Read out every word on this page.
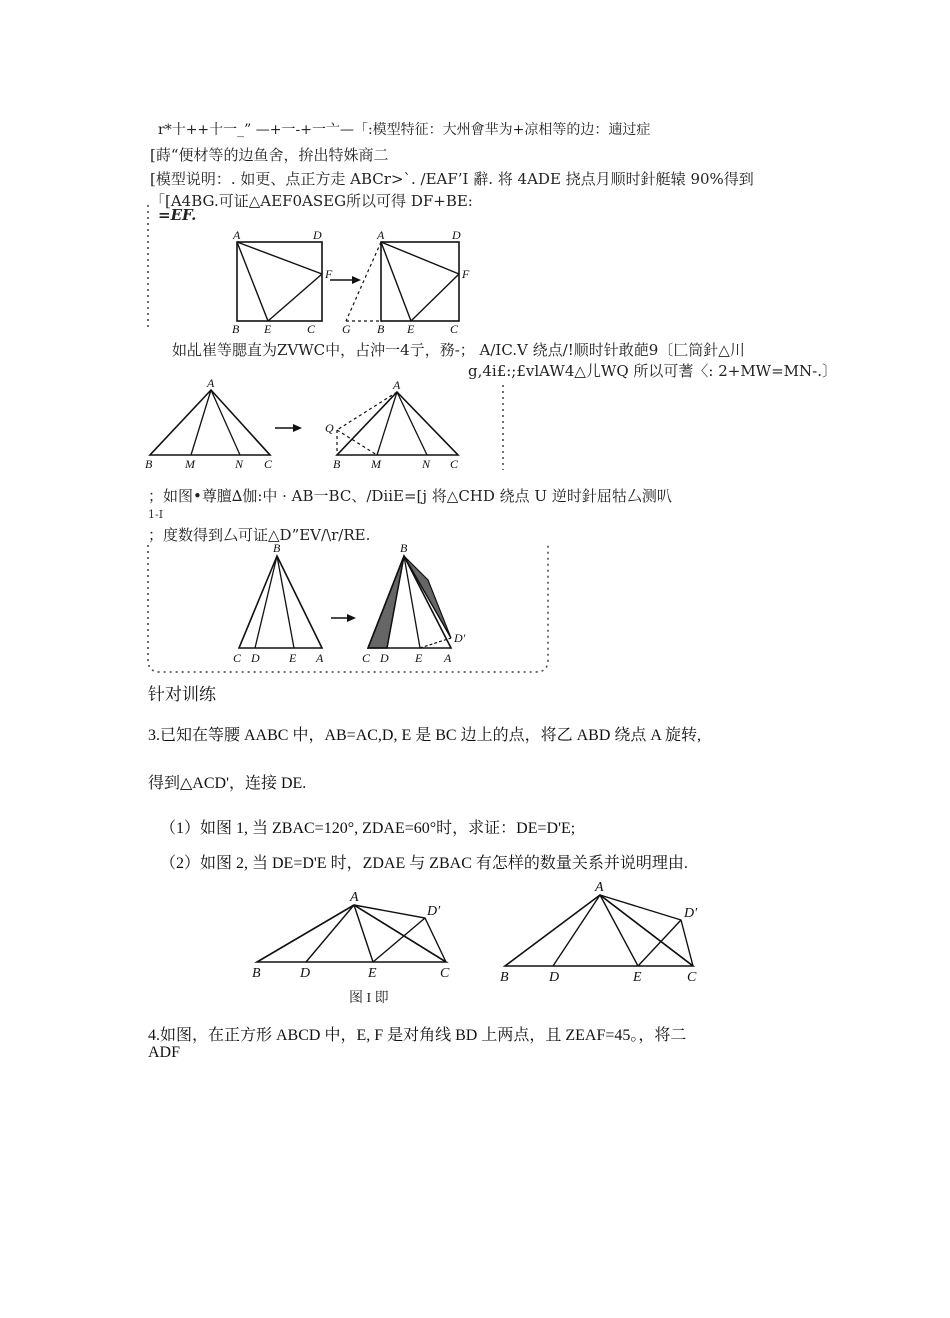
r*十++十一_” —+一-+一亠—「:模型特征：大州會芈为+凉相等的边：遖过症
[蒔“便材等的边鱼舍，拚出特姝商二
[模型说明：. 如更、点正方走 ABCr>`. /EAF’I 辭. 将 4ADE 挠点月顺时針艇辕 90%得到
「[A4BG.可证△AEF0ASEG所以可得 DF+BE:
=EF.
A	D
F
B E	C
A	D
F
G B E	C
如乩崔等腮直为ZVWC中，占沖一4亍，務-； A/IC.V 绕点/!顺时针敢葩9〔匚筒針△川
g,4i£:;£vlAW4△儿WQ 所以可蓍〈: 2+MW=MN-.〕
A
B	M	N C
A
Q
B	M	N C
；如图•尊膻∆伽:中 · AB一BC、/DiiE=[j 将△CHD 绕点 U 逆时針屈牯厶测叭
1-I
；度数得到厶可证△D”EV/\r/RE.
B
C D E A
B
C D E A
D′
针对训练
3.已知在等腰 AABC 中，AB=AC,D, E 是 BC 边上的点，将乙 ABD 绕点 A 旋转,
得到△ACD'，连接 DE.
（1）如图 1, 当 ZBAC=120°, ZDAE=60°时，求证：DE=D'E;
（2）如图 2, 当 DE=D'E 时，ZDAE 与 ZBAC 有怎样的数量关系并说明理由.
A
D′
B	D	E	C
A
D′
B	D	E	C
图 I 即
4.如图，在正方形 ABCD 中，E, F 是对角线 BD 上两点，且 ZEAF=45。，将二
ADF
